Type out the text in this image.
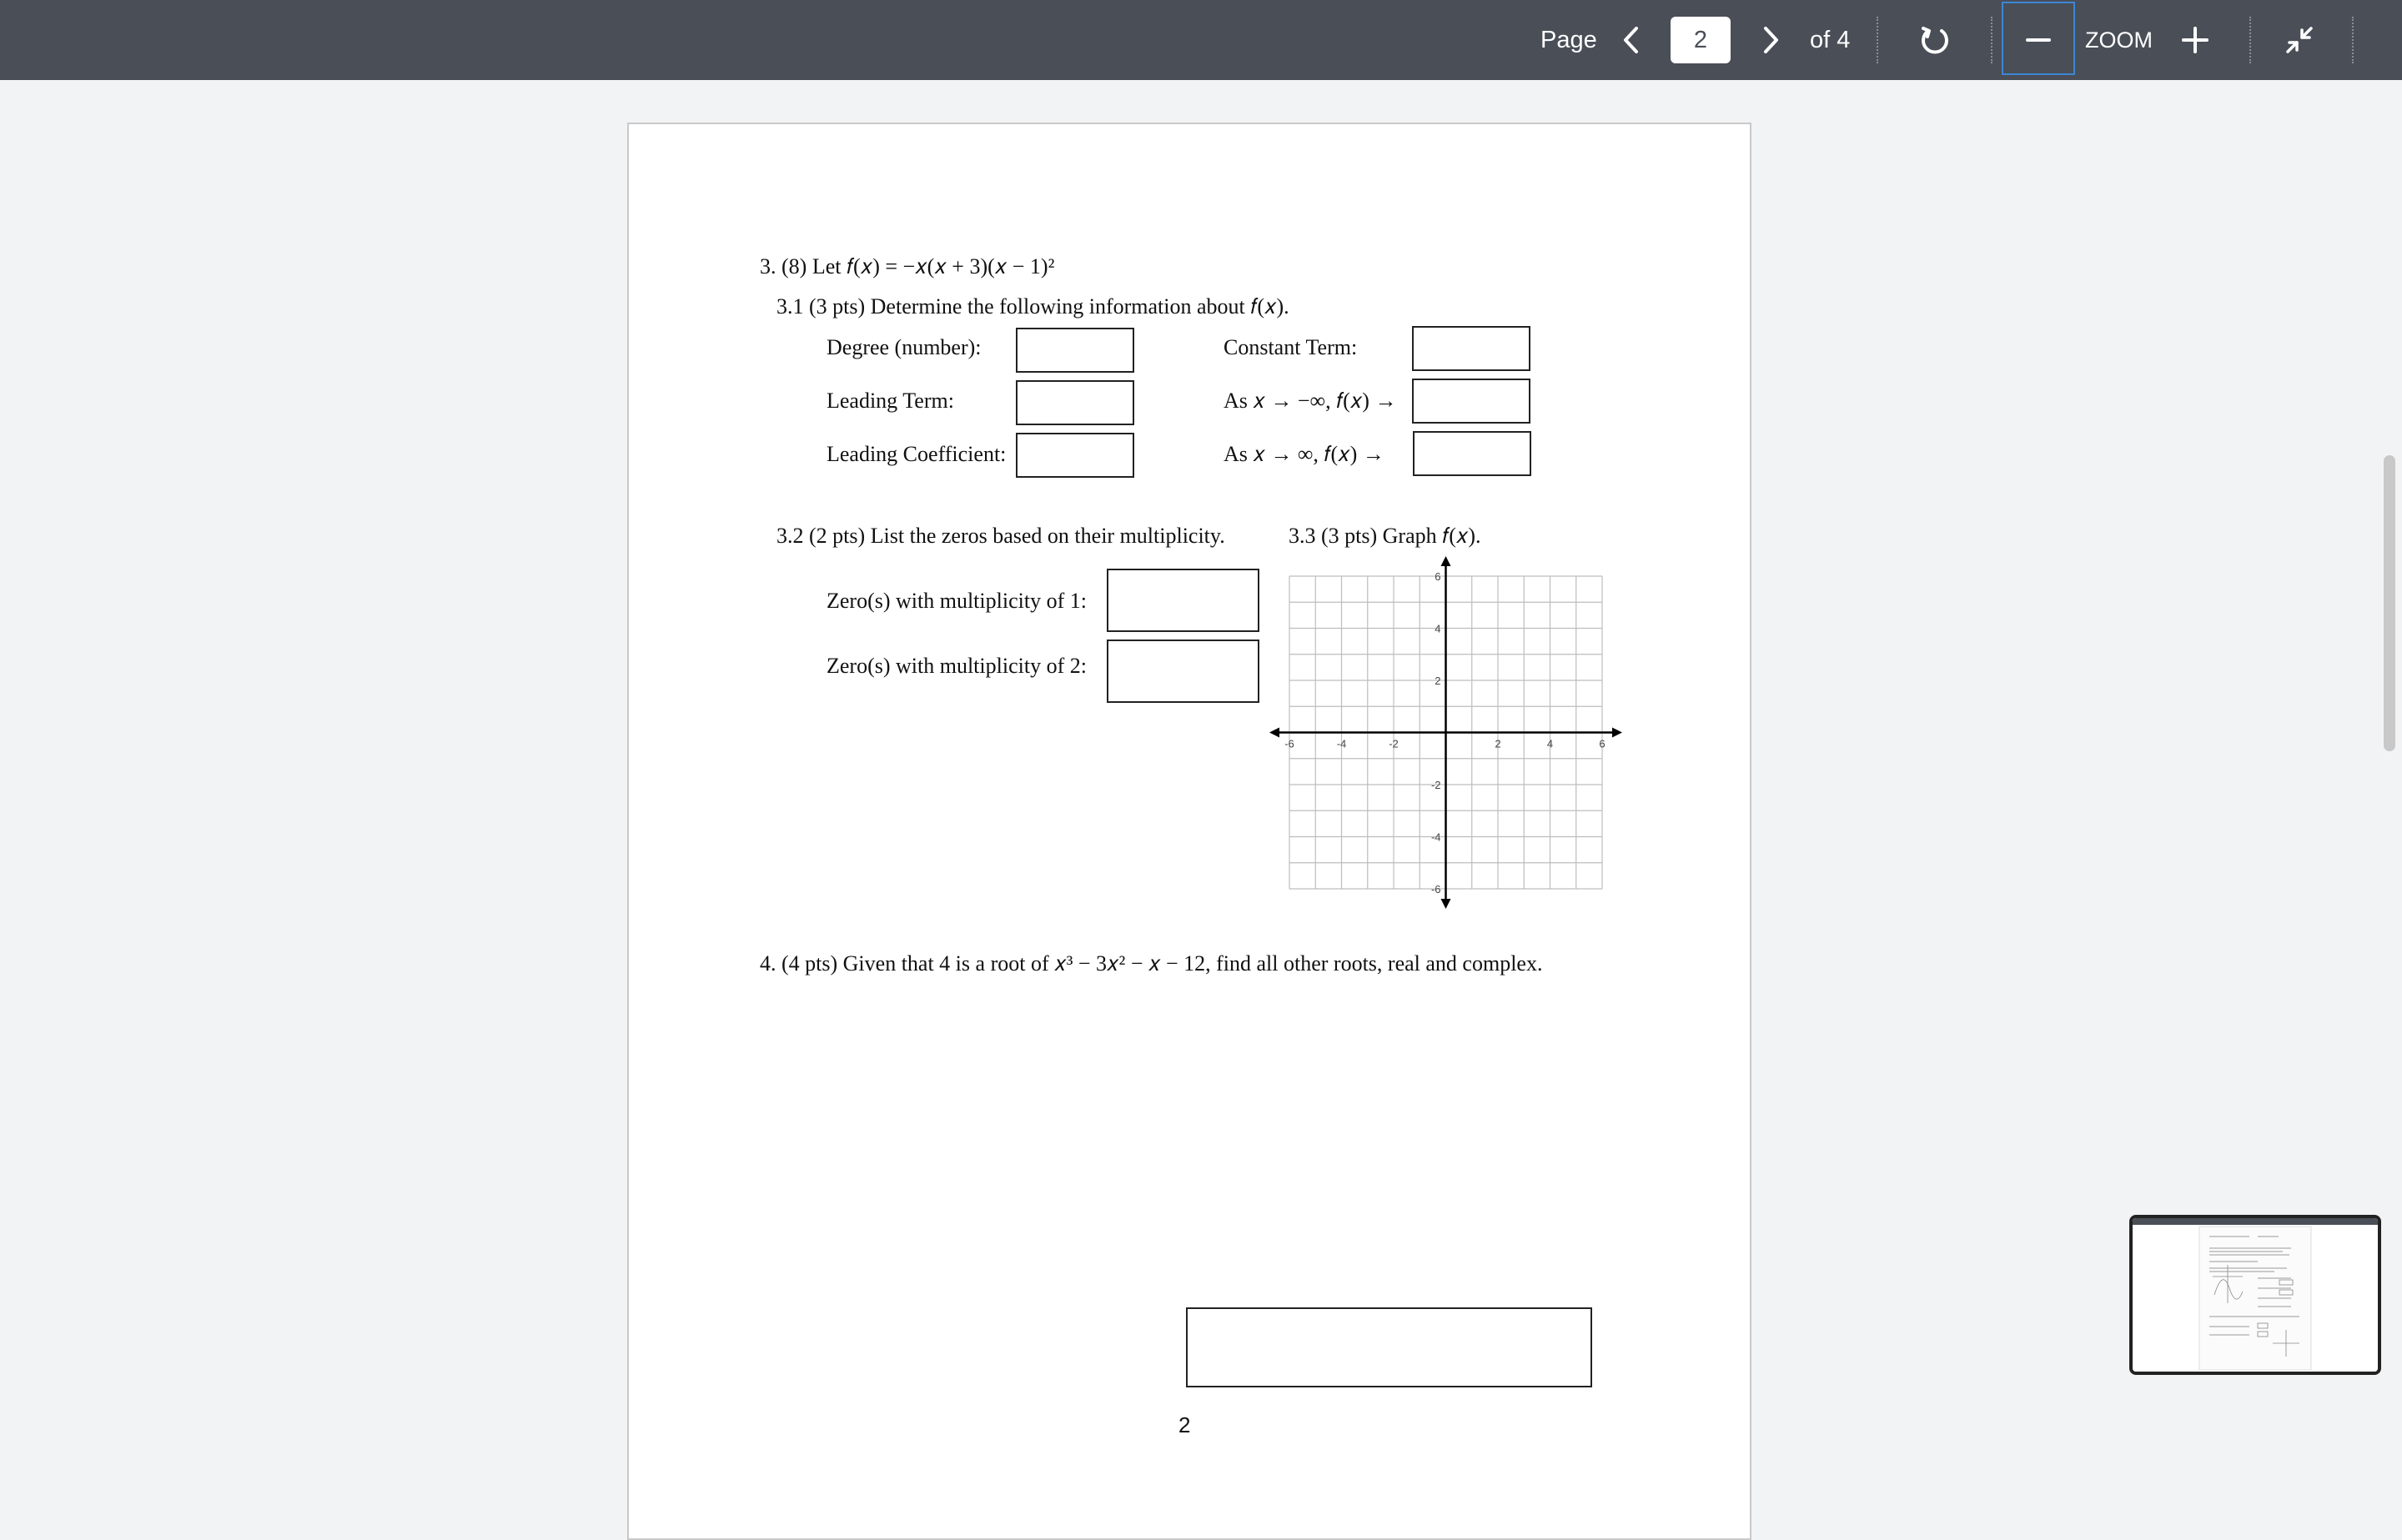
Page	2	of 4	ZOOM
3. (8) Let 𝑓(𝑥) = −𝑥(𝑥 + 3)(𝑥 − 1)²
3.1 (3 pts) Determine the following information about 𝑓(𝑥).
Degree (number):
Leading Term:
Leading Coefficient:
Constant Term:
As 𝑥 → −∞, 𝑓(𝑥) →
As 𝑥 → ∞, 𝑓(𝑥) →
3.2 (2 pts) List the zeros based on their multiplicity.
Zero(s) with multiplicity of 1:
Zero(s) with multiplicity of 2:
3.3 (3 pts) Graph 𝑓(𝑥).
-6	-4	-2	2	4	6
6
4
2
-2
-4
-6
4. (4 pts) Given that 4 is a root of 𝑥³ − 3𝑥² − 𝑥 − 12, find all other roots, real and complex.
2
